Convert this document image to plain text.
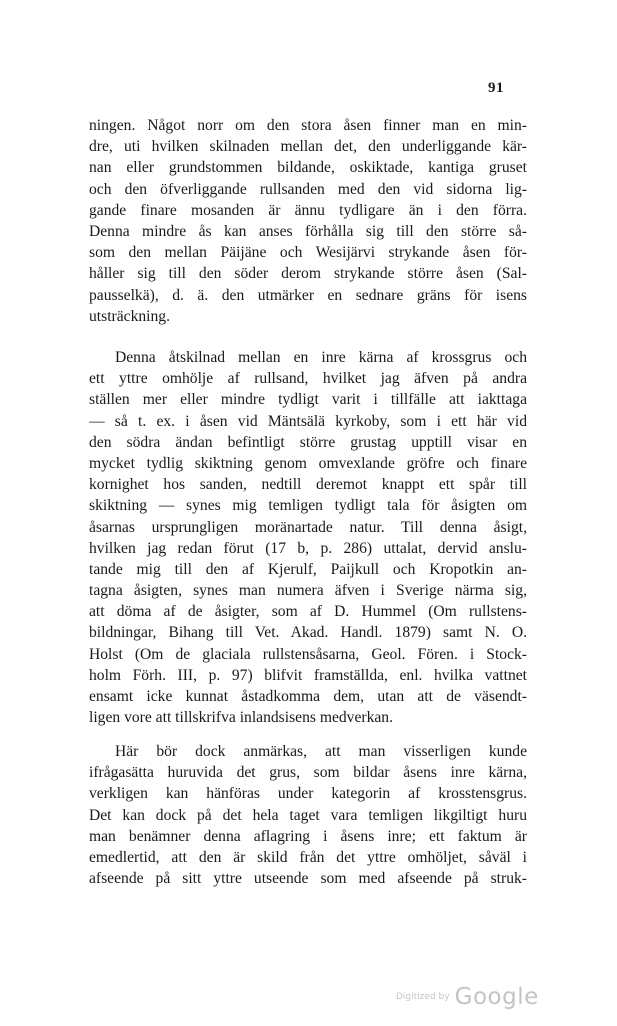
91
ningen. Något norr om den stora åsen finner man en min-
dre, uti hvilken skilnaden mellan det, den underliggande kär-
nan eller grundstommen bildande, oskiktade, kantiga gruset
och den öfverliggande rullsanden med den vid sidorna lig-
gande finare mosanden är ännu tydligare än i den förra.
Denna mindre ås kan anses förhålla sig till den större så-
som den mellan Päijäne och Wesijärvi strykande åsen för-
håller sig till den söder derom strykande större åsen (Sal-
pausselkä), d. ä. den utmärker en sednare gräns för isens
utsträckning.
Denna åtskilnad mellan en inre kärna af krossgrus och
ett yttre omhölje af rullsand, hvilket jag äfven på andra
ställen mer eller mindre tydligt varit i tillfälle att iakttaga
— så t. ex. i åsen vid Mäntsälä kyrkoby, som i ett här vid
den södra ändan befintligt större grustag upptill visar en
mycket tydlig skiktning genom omvexlande gröfre och finare
kornighet hos sanden, nedtill deremot knappt ett spår till
skiktning — synes mig temligen tydligt tala för åsigten om
åsarnas ursprungligen moränartade natur. Till denna åsigt,
hvilken jag redan förut (17 b, p. 286) uttalat, dervid anslu-
tande mig till den af Kjerulf, Paijkull och Kropotkin an-
tagna åsigten, synes man numera äfven i Sverige närma sig,
att döma af de åsigter, som af D. Hummel (Om rullstens-
bildningar, Bihang till Vet. Akad. Handl. 1879) samt N. O.
Holst (Om de glaciala rullstensåsarna, Geol. Fören. i Stock-
holm Förh. III, p. 97) blifvit framställda, enl. hvilka vattnet
ensamt icke kunnat åstadkomma dem, utan att de väsendt-
ligen vore att tillskrifva inlandsisens medverkan.
Här bör dock anmärkas, att man visserligen kunde
ifrågasätta huruvida det grus, som bildar åsens inre kärna,
verkligen kan hänföras under kategorin af krosstensgrus.
Det kan dock på det hela taget vara temligen likgiltigt huru
man benämner denna aflagring i åsens inre; ett faktum är
emedlertid, att den är skild från det yttre omhöljet, såväl i
afseende på sitt yttre utseende som med afseende på struk-
Digitized by Google
